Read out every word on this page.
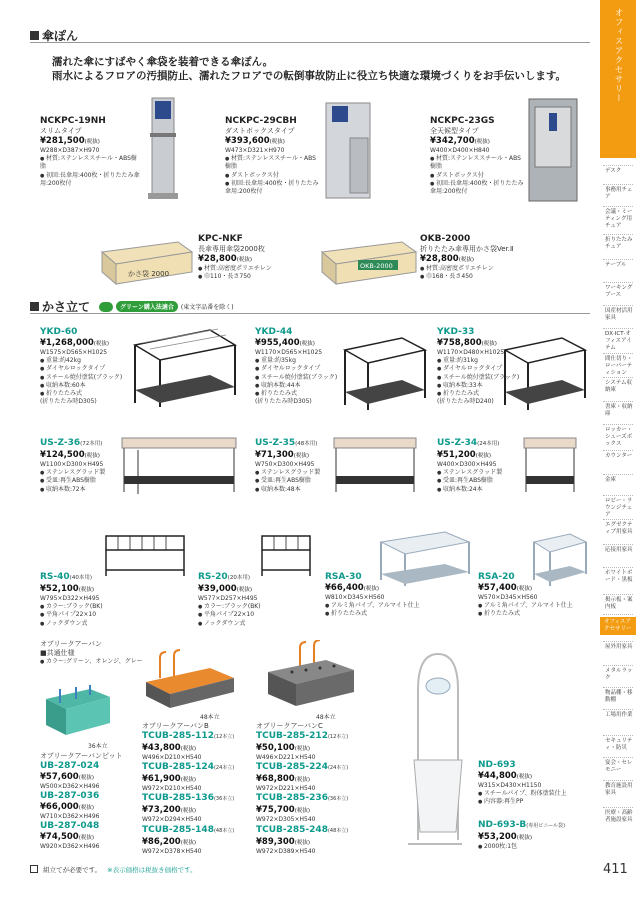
傘ぽん
濡れた傘にすばやく傘袋を装着できる傘ぽん。
雨水によるフロアの汚損防止、濡れたフロアでの転倒事故防止に役立ち快適な環境づくりをお手伝いします。
かさ袋 2000
OKB-2000
NCKPC-19NH
スリムタイプ
¥281,500(税抜)
W288×D387×H970
● 材質:ステンレススチール・ABS樹脂
● 初回:長傘用:400枚・折りたたみ傘用:200枚付
NCKPC-29CBH
ダストボックスタイプ
¥393,600(税抜)
W473×D321×H970
● 材質:ステンレススチール・ABS樹脂
● ダストボックス付
● 初回:長傘用:400枚・折りたたみ傘用:200枚付
NCKPC-23GS
全天候型タイプ
¥342,700(税抜)
W400×D400×H840
● 材質:ステンレススチール・ABS樹脂
● ダストボックス付
● 初回:長傘用:400枚・折りたたみ傘用:200枚付
KPC-NKF
長傘専用傘袋2000枚
¥28,800(税抜)
● 材質:高密度ポリエチレン
● 巾110・長さ750
OKB-2000
折りたたみ傘専用かさ袋Ver.Ⅱ
¥28,800(税抜)
● 材質:高密度ポリエチレン
● 巾168・長さ450
かさ立て	グリーン購入法適合	(東文字品番を除く)
YKD-60
¥1,268,000(税抜)
W1575×D565×H1025
● 重量:約42kg
● ダイヤルロックタイプ
● スチール焼付塗装(ブラック)
● 収納本数:60本
● 折りたたみ式
(折りたたみ時D305)
YKD-44
¥955,400(税抜)
W1170×D565×H1025
● 重量:約35kg
● ダイヤルロックタイプ
● スチール焼付塗装(ブラック)
● 収納本数:44本
● 折りたたみ式
(折りたたみ時D305)
YKD-33
¥758,800(税抜)
W1170×D480×H1025
● 重量:約31kg
● ダイヤルロックタイプ
● スチール焼付塗装(ブラック)
● 収納本数:33本
● 折りたたみ式
(折りたたみ時D240)
US-Z-36(72本用)
¥124,500(税抜)
W1100×D300×H495
● ステンレスグラッド製
● 受皿:再生ABS樹脂
● 収納本数:72本
US-Z-35(48本用)
¥71,300(税抜)
W750×D300×H495
● ステンレスグラッド製
● 受皿:再生ABS樹脂
● 収納本数:48本
US-Z-34(24本用)
¥51,200(税抜)
W400×D300×H495
● ステンレスグラッド製
● 受皿:再生ABS樹脂
● 収納本数:24本
RS-40(40本用)
¥52,100(税抜)
W795×D322×H495
● カラー:ブラック(BK)
● 平角パイプ22×10
● ノックダウン式
RS-20(20本用)
¥39,000(税抜)
W577×D257×H495
● カラー:ブラック(BK)
● 平角パイプ22×10
● ノックダウン式
RSA-30
¥66,400(税抜)
W810×D345×H560
● アルミ角パイプ、アルマイト仕上
● 折りたたみ式
RSA-20
¥57,400(税抜)
W570×D345×H560
● アルミ角パイプ、アルマイト仕上
● 折りたたみ式
オブリークアーバン
■共通仕様
● カラー:グリーン、オレンジ、グレー
36本立
48本立	48本立
オブリークアーバンピット
UB-287-024
¥57,600(税抜)
W500×D362×H496
UB-287-036
¥66,000(税抜)
W710×D362×H496
UB-287-048
¥74,500(税抜)
W920×D362×H496
オブリークアーバンB
TCUB-285-112(12本立)
¥43,800(税抜)
W496×D210×H540
TCUB-285-124(24本立)
¥61,900(税抜)
W972×D210×H540
TCUB-285-136(36本立)
¥73,200(税抜)
W972×D294×H540
TCUB-285-148(48本立)
¥86,200(税抜)
W972×D378×H540
オブリークアーバンC
TCUB-285-212(12本立)
¥50,100(税抜)
W496×D221×H540
TCUB-285-224(24本立)
¥68,800(税抜)
W972×D221×H540
TCUB-285-236(36本立)
¥75,700(税抜)
W972×D305×H540
TCUB-285-248(48本立)
¥89,300(税抜)
W972×D389×H540
ND-693
¥44,800(税抜)
W315×D430×H1150
● スチールパイプ、粉体塗装仕上
● 内容器:再生PP
ND-693-B(専用ビニール袋)
¥53,200(税抜)
● 2000枚:1包
オフィスアクセサリー
デスク
事務用チェア
会議・ミーティング用チェア
折りたたみチェア
テーブル
ワーキングブース
国産材活用家具
DX·ICT·オフィスアイテム
間仕切り・ローパーティション
システム収納庫
書庫・収納庫
ロッカー・シューズボックス
カウンター
金庫
ロビー・ラウンジチェア
エグゼクティブ用家具
応接用家具
ホワイトボード・黒板
掲示板・案内板
オフィスアクセサリー
屋外用家具
メタルラック
物品棚・移動棚
工場用作業
セキュリティ・防災
宴会・セレモニー
教育施設用家具
医療・高齢者施設家具
組立てが必要です。 ※表示価格は税抜き価格です。	411
